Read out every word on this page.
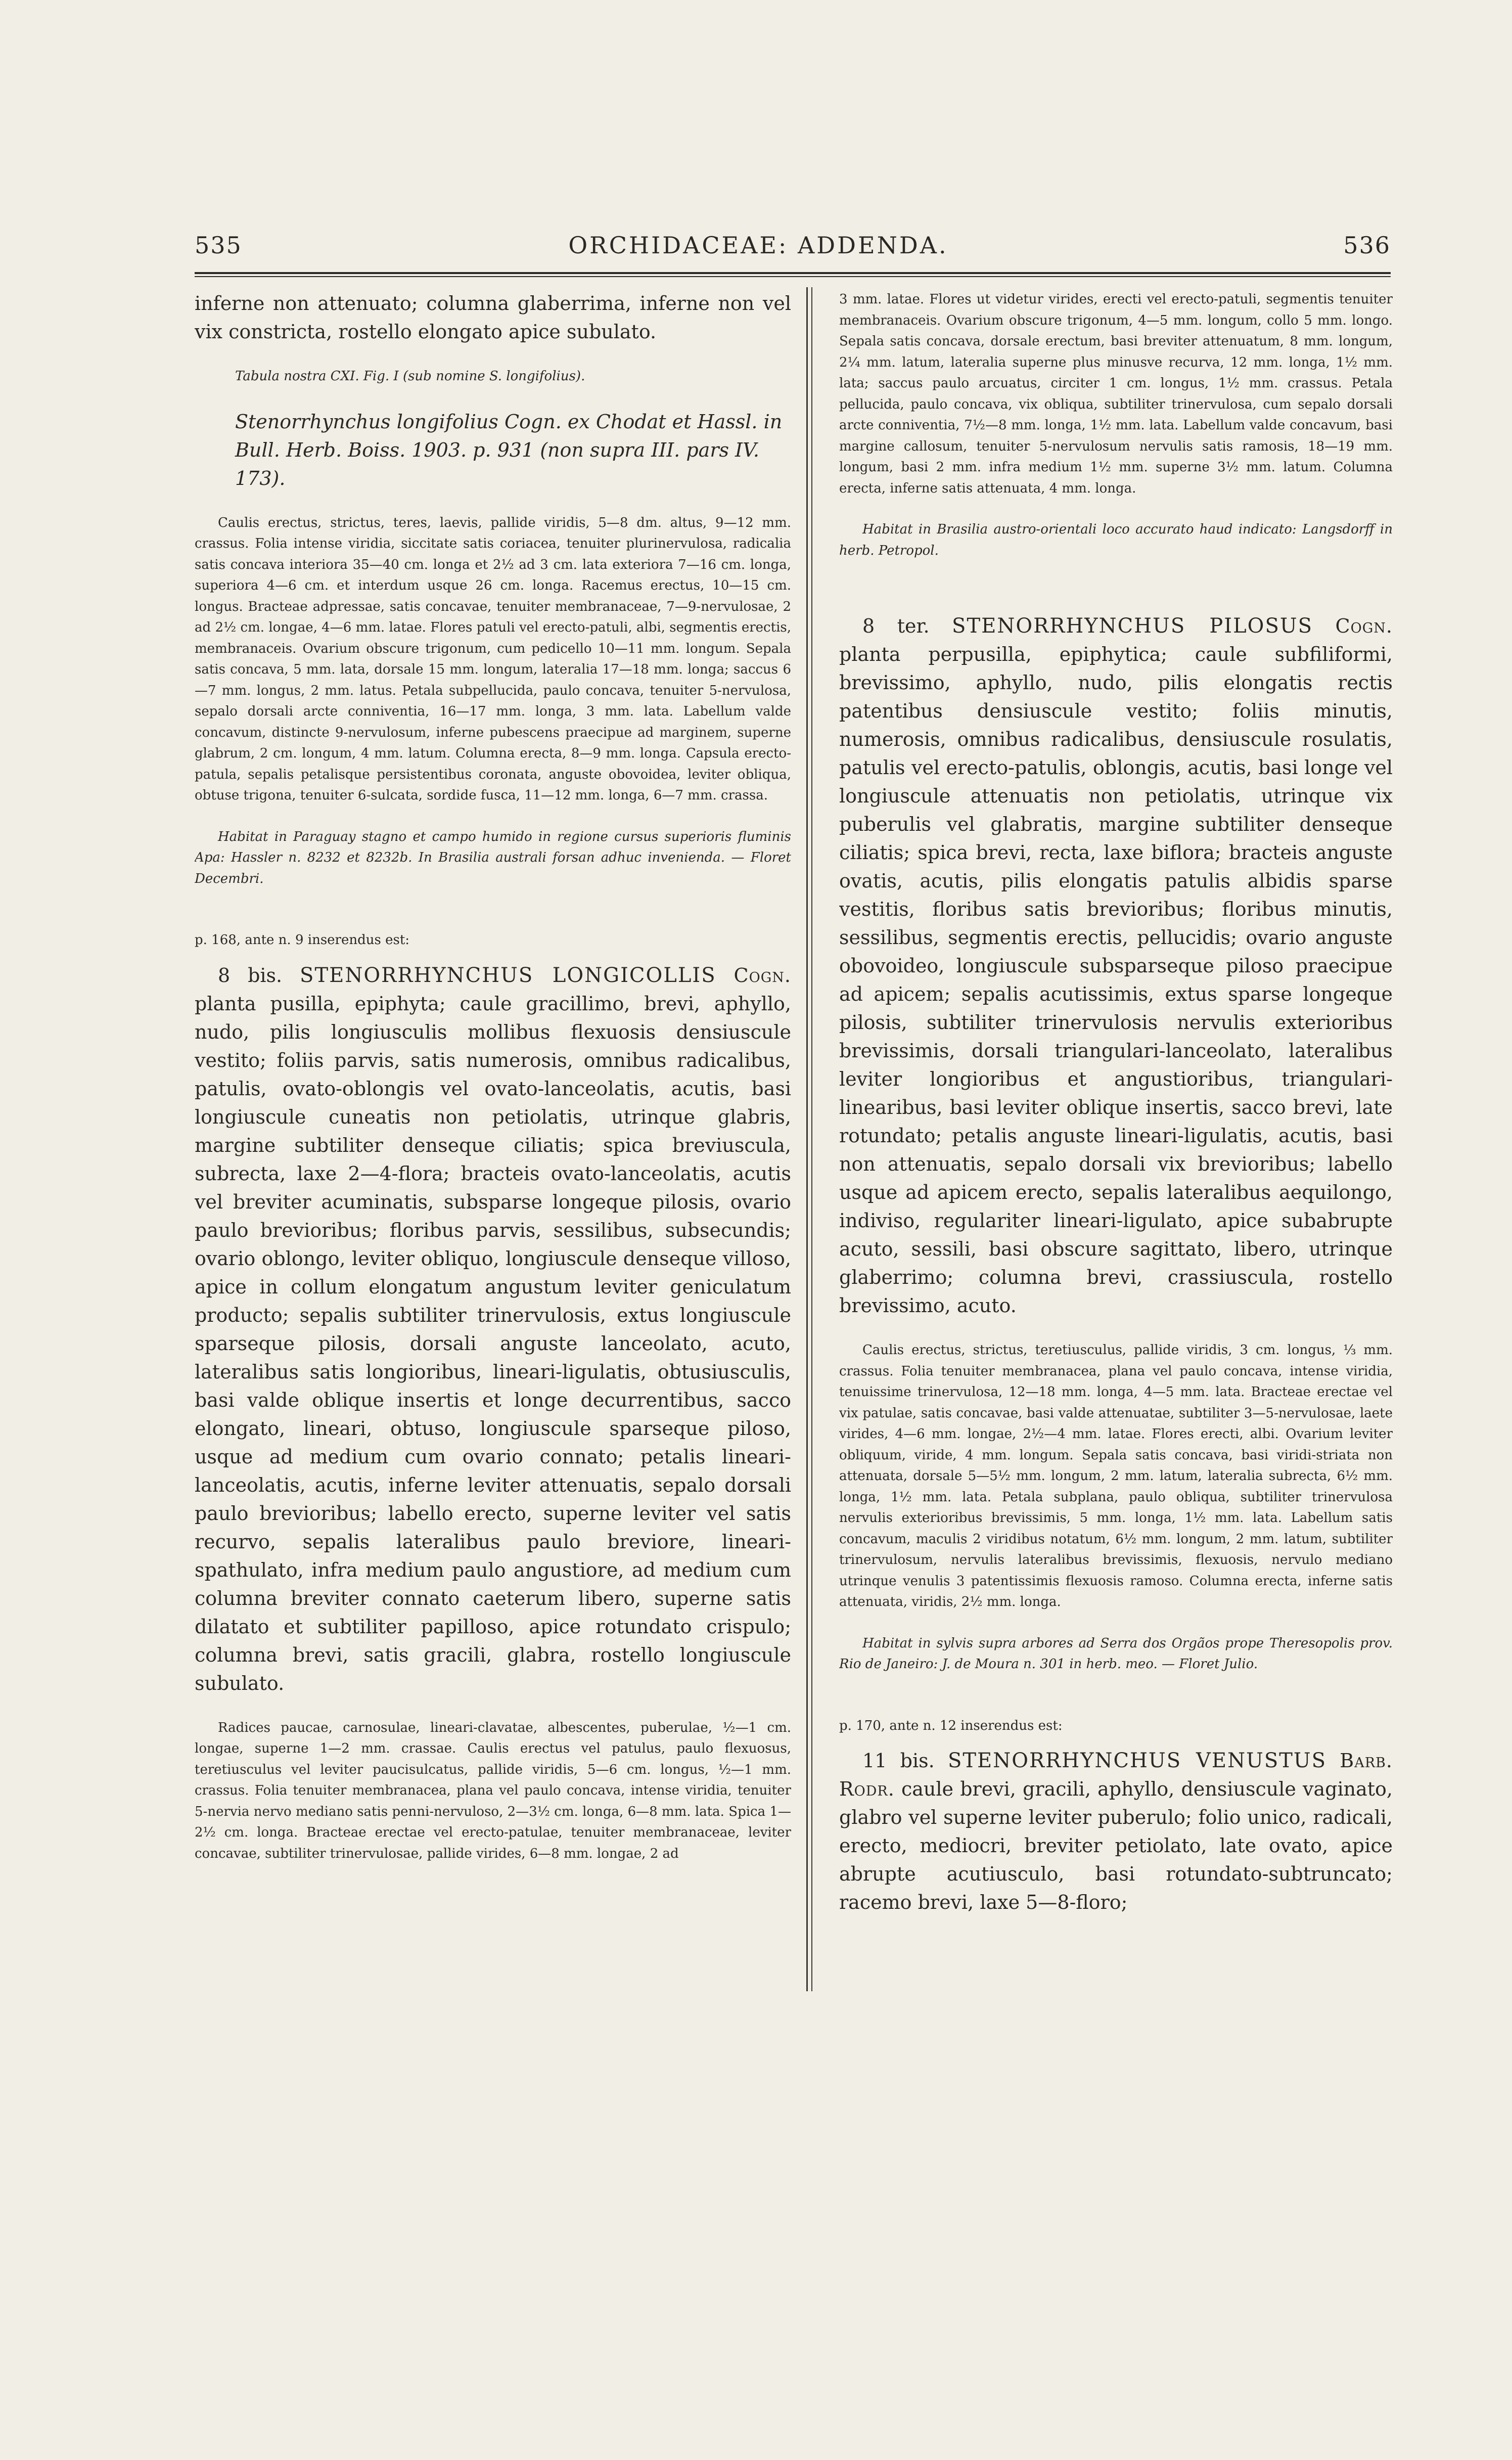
535	ORCHIDACEAE: ADDENDA.	536

inferne non attenuato; columna glaberrima, inferne non vel vix constricta, rostello elongato apice subulato.

Tabula nostra CXI. Fig. I (sub nomine S. longifolius).

Stenorrhynchus longifolius Cogn. ex Chodat et Hassl. in Bull. Herb. Boiss. 1903. p. 931 (non supra III. pars IV. 173).

Caulis erectus, strictus, teres, laevis, pallide viridis, 5—8 dm. altus, 9—12 mm. crassus. Folia intense viridia, siccitate satis coriacea, tenuiter plurinervulosa, radicalia satis concava interiora 35—40 cm. longa et 2½ ad 3 cm. lata exteriora 7—16 cm. longa, superiora 4—6 cm. et interdum usque 26 cm. longa. Racemus erectus, 10—15 cm. longus. Bracteae adpressae, satis concavae, tenuiter membranaceae, 7—9-nervulosae, 2 ad 2½ cm. longae, 4—6 mm. latae. Flores patuli vel erecto-patuli, albi, segmentis erectis, membranaceis. Ovarium obscure trigonum, cum pedicello 10—11 mm. longum. Sepala satis concava, 5 mm. lata, dorsale 15 mm. longum, lateralia 17—18 mm. longa; saccus 6—7 mm. longus, 2 mm. latus. Petala subpellucida, paulo concava, tenuiter 5-nervulosa, sepalo dorsali arcte conniventia, 16—17 mm. longa, 3 mm. lata. Labellum valde concavum, distincte 9-nervulosum, inferne pubescens praecipue ad marginem, superne glabrum, 2 cm. longum, 4 mm. latum. Columna erecta, 8—9 mm. longa. Capsula erecto-patula, sepalis petalisque persistentibus coronata, anguste obovoidea, leviter obliqua, obtuse trigona, tenuiter 6-sulcata, sordide fusca, 11—12 mm. longa, 6—7 mm. crassa.

Habitat in Paraguay stagno et campo humido in regione cursus superioris fluminis Apa: Hassler n. 8232 et 8232b. In Brasilia australi forsan adhuc invenienda. — Floret Decembri.

p. 168, ante n. 9 inserendus est:

8 bis. STENORRHYNCHUS LONGICOLLIS Cogn. planta pusilla, epiphyta; caule gracillimo, brevi, aphyllo, nudo, pilis longiusculis mollibus flexuosis densiuscule vestito; foliis parvis, satis numerosis, omnibus radicalibus, patulis, ovato-oblongis vel ovato-lanceolatis, acutis, basi longiuscule cuneatis non petiolatis, utrinque glabris, margine subtiliter denseque ciliatis; spica breviuscula, subrecta, laxe 2—4-flora; bracteis ovato-lanceolatis, acutis vel breviter acuminatis, subsparse longeque pilosis, ovario paulo brevioribus; floribus parvis, sessilibus, subsecundis; ovario oblongo, leviter obliquo, longiuscule denseque villoso, apice in collum elongatum angustum leviter geniculatum producto; sepalis subtiliter trinervulosis, extus longiuscule sparseque pilosis, dorsali anguste lanceolato, acuto, lateralibus satis longioribus, lineari-ligulatis, obtusiusculis, basi valde oblique insertis et longe decurrentibus, sacco elongato, lineari, obtuso, longiuscule sparseque piloso, usque ad medium cum ovario connato; petalis lineari-lanceolatis, acutis, inferne leviter attenuatis, sepalo dorsali paulo brevioribus; labello erecto, superne leviter vel satis recurvo, sepalis lateralibus paulo breviore, lineari-spathulato, infra medium paulo angustiore, ad medium cum columna breviter connato caeterum libero, superne satis dilatato et subtiliter papilloso, apice rotundato crispulo; columna brevi, satis gracili, glabra, rostello longiuscule subulato.

Radices paucae, carnosulae, lineari-clavatae, albescentes, puberulae, ½—1 cm. longae, superne 1—2 mm. crassae. Caulis erectus vel patulus, paulo flexuosus, teretiusculus vel leviter paucisulcatus, pallide viridis, 5—6 cm. longus, ½—1 mm. crassus. Folia tenuiter membranacea, plana vel paulo concava, intense viridia, tenuiter 5-nervia nervo mediano satis penni-nervuloso, 2—3½ cm. longa, 6—8 mm. lata. Spica 1—2½ cm. longa. Bracteae erectae vel erecto-patulae, tenuiter membranaceae, leviter concavae, subtiliter trinervulosae, pallide virides, 6—8 mm. longae, 2 ad

3 mm. latae. Flores ut videtur virides, erecti vel erecto-patuli, segmentis tenuiter membranaceis. Ovarium obscure trigonum, 4—5 mm. longum, collo 5 mm. longo. Sepala satis concava, dorsale erectum, basi breviter attenuatum, 8 mm. longum, 2¼ mm. latum, lateralia superne plus minusve recurva, 12 mm. longa, 1½ mm. lata; saccus paulo arcuatus, circiter 1 cm. longus, 1½ mm. crassus. Petala pellucida, paulo concava, vix obliqua, subtiliter trinervulosa, cum sepalo dorsali arcte conniventia, 7½—8 mm. longa, 1½ mm. lata. Labellum valde concavum, basi margine callosum, tenuiter 5-nervulosum nervulis satis ramosis, 18—19 mm. longum, basi 2 mm. infra medium 1½ mm. superne 3½ mm. latum. Columna erecta, inferne satis attenuata, 4 mm. longa.

Habitat in Brasilia austro-orientali loco accurato haud indicato: Langsdorff in herb. Petropol.

8 ter. STENORRHYNCHUS PILOSUS Cogn. planta perpusilla, epiphytica; caule subfiliformi, brevissimo, aphyllo, nudo, pilis elongatis rectis patentibus densiuscule vestito; foliis minutis, numerosis, omnibus radicalibus, densiuscule rosulatis, patulis vel erecto-patulis, oblongis, acutis, basi longe vel longiuscule attenuatis non petiolatis, utrinque vix puberulis vel glabratis, margine subtiliter denseque ciliatis; spica brevi, recta, laxe biflora; bracteis anguste ovatis, acutis, pilis elongatis patulis albidis sparse vestitis, floribus satis brevioribus; floribus minutis, sessilibus, segmentis erectis, pellucidis; ovario anguste obovoideo, longiuscule subsparseque piloso praecipue ad apicem; sepalis acutissimis, extus sparse longeque pilosis, subtiliter trinervulosis nervulis exterioribus brevissimis, dorsali triangulari-lanceolato, lateralibus leviter longioribus et angustioribus, triangulari-linearibus, basi leviter oblique insertis, sacco brevi, late rotundato; petalis anguste lineari-ligulatis, acutis, basi non attenuatis, sepalo dorsali vix brevioribus; labello usque ad apicem erecto, sepalis lateralibus aequilongo, indiviso, regulariter lineari-ligulato, apice subabrupte acuto, sessili, basi obscure sagittato, libero, utrinque glaberrimo; columna brevi, crassiuscula, rostello brevissimo, acuto.

Caulis erectus, strictus, teretiusculus, pallide viridis, 3 cm. longus, ⅓ mm. crassus. Folia tenuiter membranacea, plana vel paulo concava, intense viridia, tenuissime trinervulosa, 12—18 mm. longa, 4—5 mm. lata. Bracteae erectae vel vix patulae, satis concavae, basi valde attenuatae, subtiliter 3—5-nervulosae, laete virides, 4—6 mm. longae, 2½—4 mm. latae. Flores erecti, albi. Ovarium leviter obliquum, viride, 4 mm. longum. Sepala satis concava, basi viridi-striata non attenuata, dorsale 5—5½ mm. longum, 2 mm. latum, lateralia subrecta, 6½ mm. longa, 1½ mm. lata. Petala subplana, paulo obliqua, subtiliter trinervulosa nervulis exterioribus brevissimis, 5 mm. longa, 1½ mm. lata. Labellum satis concavum, maculis 2 viridibus notatum, 6½ mm. longum, 2 mm. latum, subtiliter trinervulosum, nervulis lateralibus brevissimis, flexuosis, nervulo mediano utrinque venulis 3 patentissimis flexuosis ramoso. Columna erecta, inferne satis attenuata, viridis, 2½ mm. longa.

Habitat in sylvis supra arbores ad Serra dos Orgãos prope Theresopolis prov. Rio de Janeiro: J. de Moura n. 301 in herb. meo. — Floret Julio.

p. 170, ante n. 12 inserendus est:

11 bis. STENORRHYNCHUS VENUSTUS Barb. Rodr. caule brevi, gracili, aphyllo, densiuscule vaginato, glabro vel superne leviter puberulo; folio unico, radicali, erecto, mediocri, breviter petiolato, late ovato, apice abrupte acutiusculo, basi rotundato-subtruncato; racemo brevi, laxe 5—8-floro;
